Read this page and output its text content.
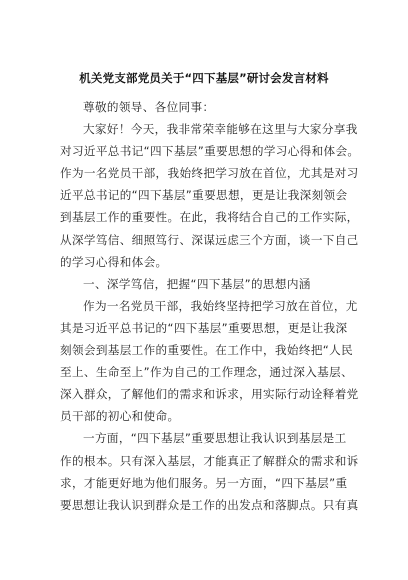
机关党支部党员关于“四下基层”研讨会发言材料
尊敬的领导、各位同事：
大家好！今天，我非常荣幸能够在这里与大家分享我
对习近平总书记“四下基层”重要思想的学习心得和体会。
作为一名党员干部，我始终把学习放在首位，尤其是对习
近平总书记的“四下基层”重要思想，更是让我深刻领会
到基层工作的重要性。在此，我将结合自己的工作实际，
从深学笃信、细照笃行、深谋远虑三个方面，谈一下自己
的学习心得和体会。
一、深学笃信，把握“四下基层”的思想内涵
作为一名党员干部，我始终坚持把学习放在首位，尤
其是习近平总书记的“四下基层”重要思想，更是让我深
刻领会到基层工作的重要性。在工作中，我始终把“人民
至上、生命至上”作为自己的工作理念，通过深入基层、
深入群众，了解他们的需求和诉求，用实际行动诠释着党
员干部的初心和使命。
一方面，“四下基层”重要思想让我认识到基层是工
作的根本。只有深入基层，才能真正了解群众的需求和诉
求，才能更好地为他们服务。另一方面，“四下基层”重
要思想让我认识到群众是工作的出发点和落脚点。只有真
